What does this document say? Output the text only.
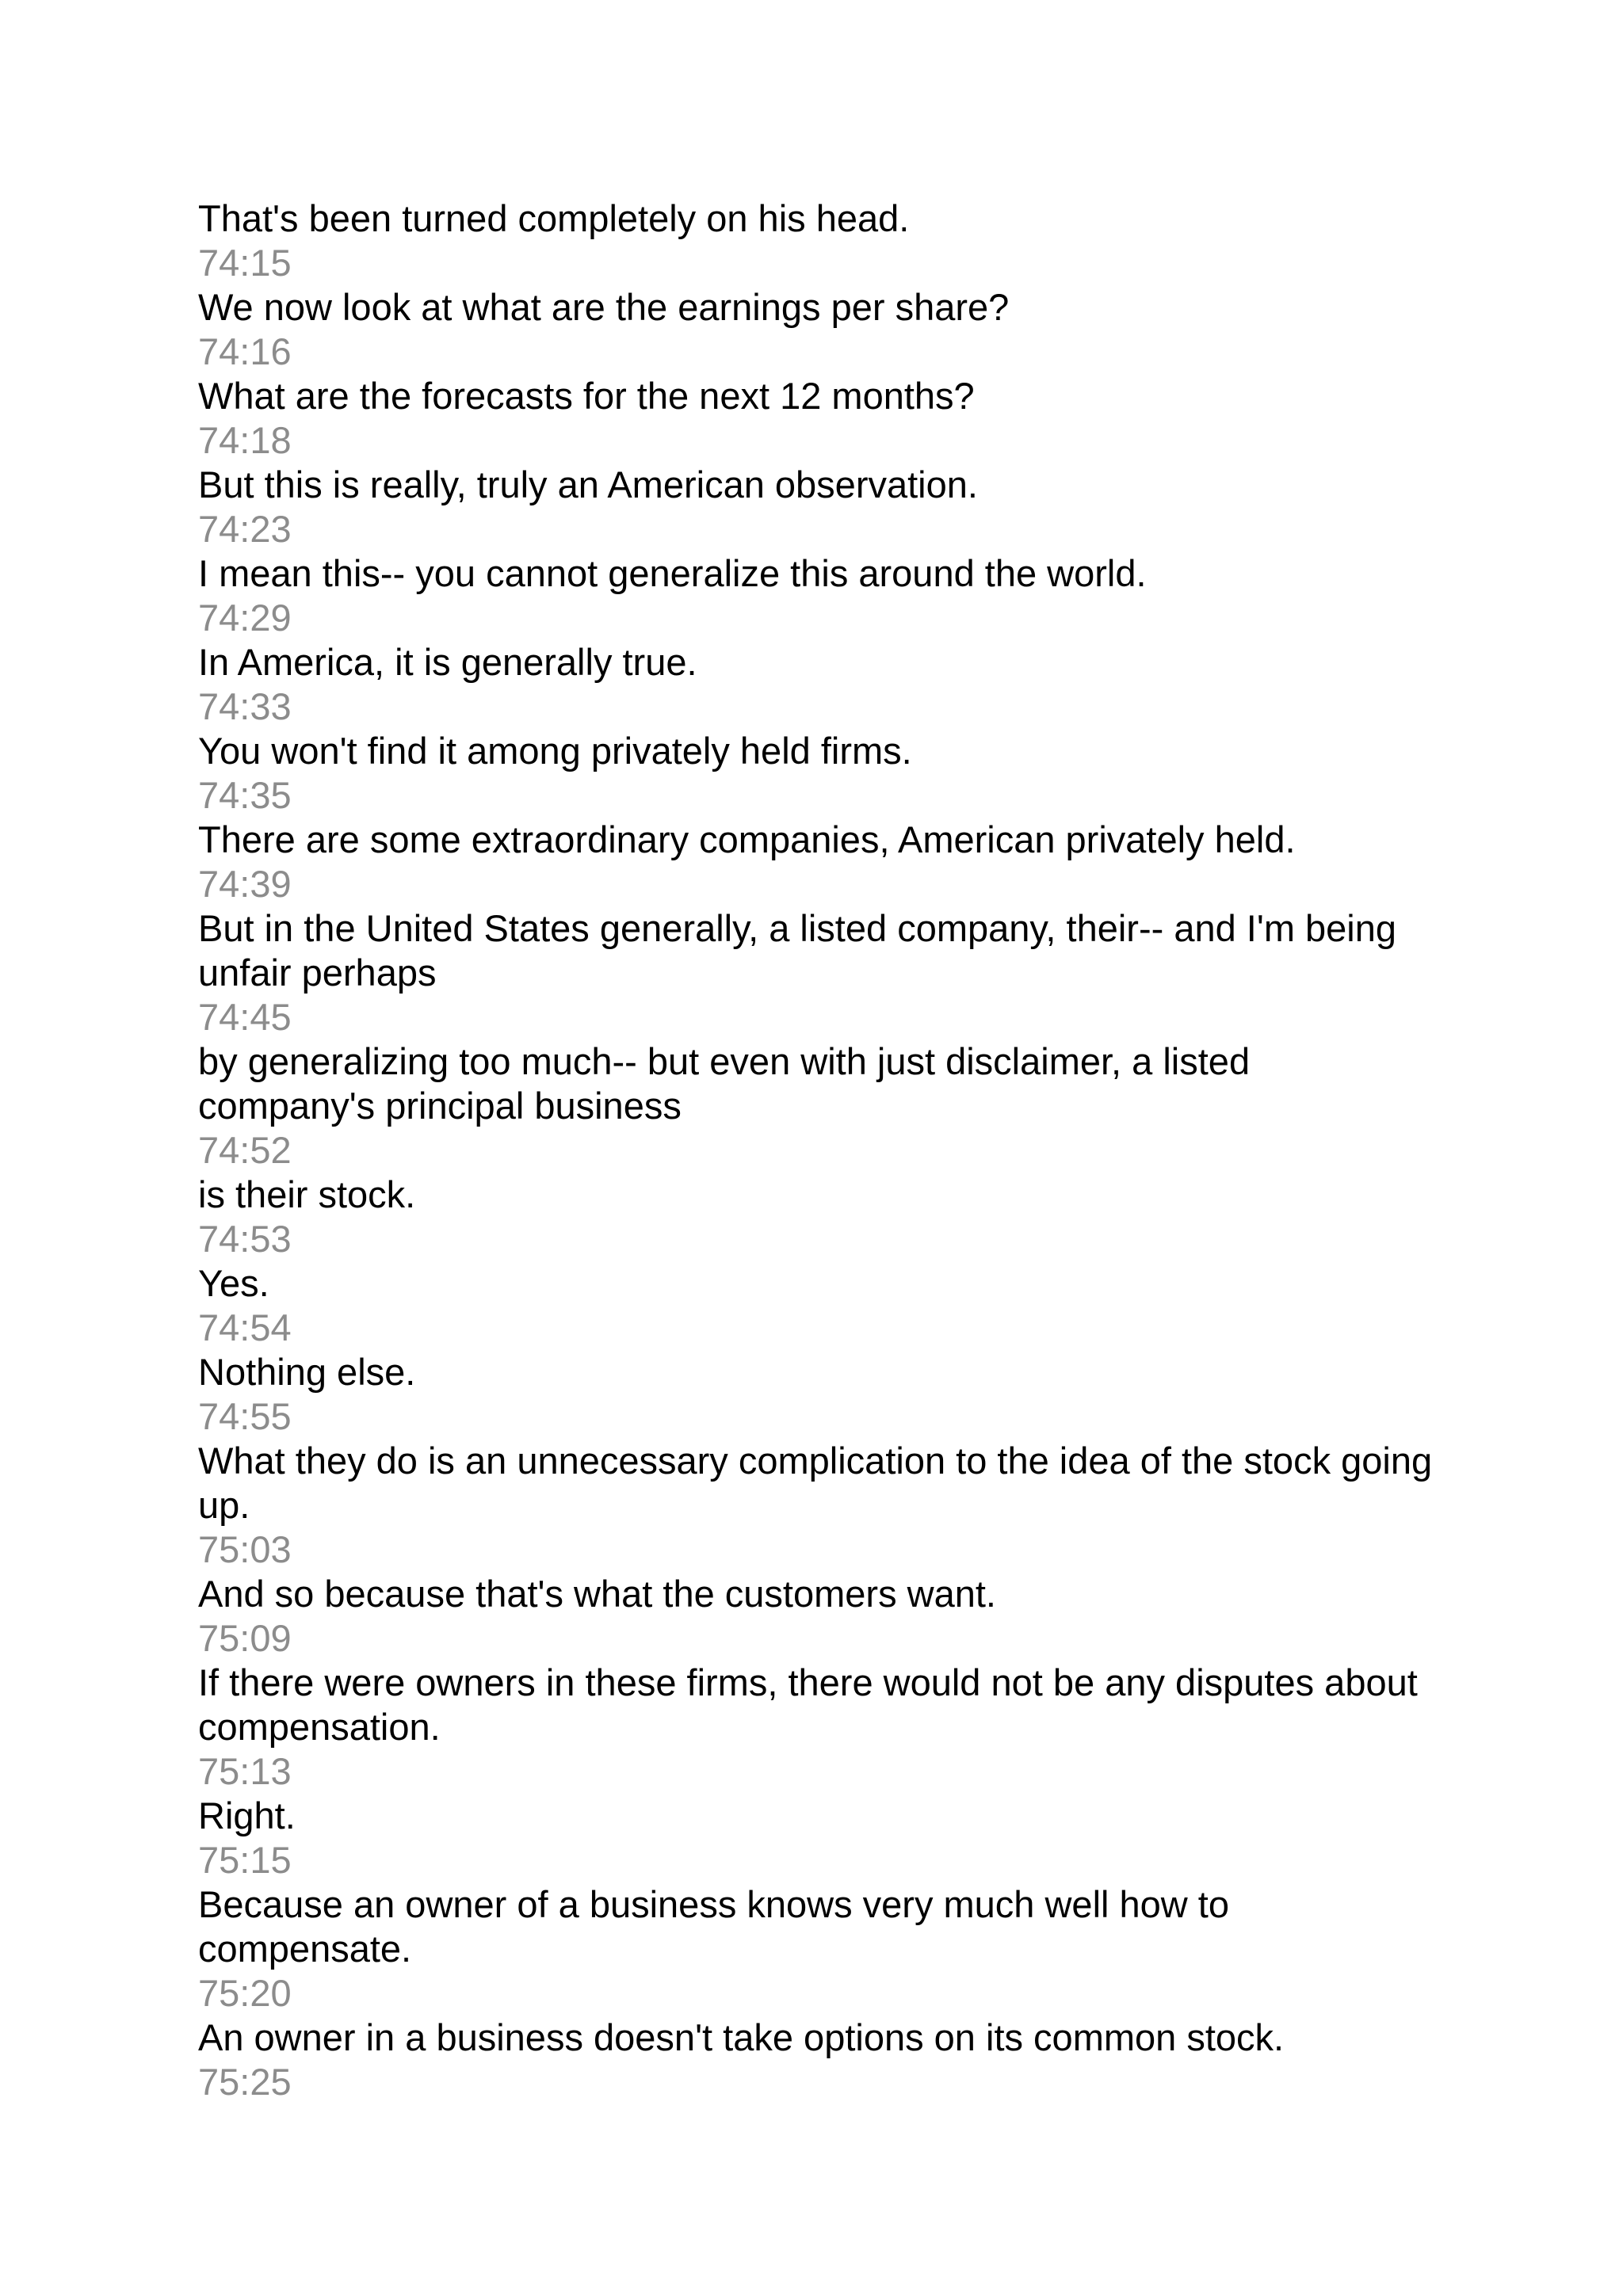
That's been turned completely on his head.
74:15
We now look at what are the earnings per share?
74:16
What are the forecasts for the next 12 months?
74:18
But this is really, truly an American observation.
74:23
I mean this-- you cannot generalize this around the world.
74:29
In America, it is generally true.
74:33
You won't find it among privately held firms.
74:35
There are some extraordinary companies, American privately held.
74:39
But in the United States generally, a listed company, their-- and I'm being unfair perhaps
74:45
by generalizing too much-- but even with just disclaimer, a listed company's principal business
74:52
is their stock.
74:53
Yes.
74:54
Nothing else.
74:55
What they do is an unnecessary complication to the idea of the stock going up.
75:03
And so because that's what the customers want.
75:09
If there were owners in these firms, there would not be any disputes about compensation.
75:13
Right.
75:15
Because an owner of a business knows very much well how to compensate.
75:20
An owner in a business doesn't take options on its common stock.
75:25
